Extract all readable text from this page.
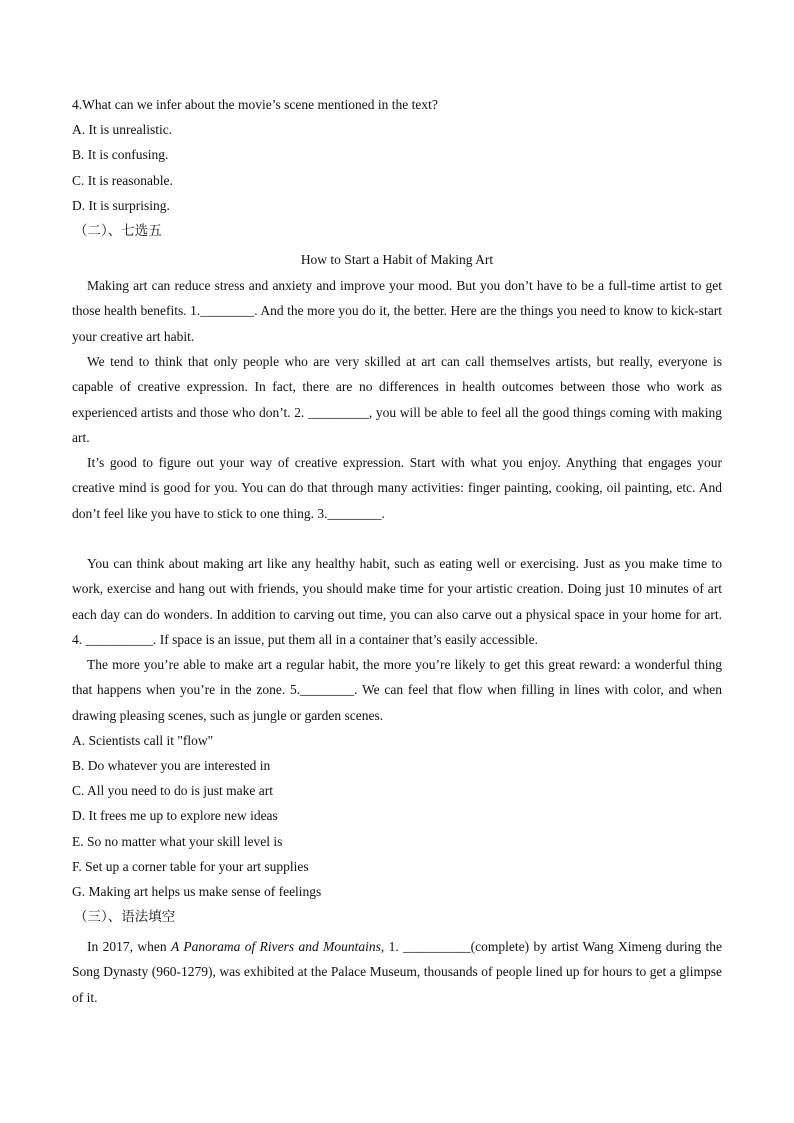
4.What can we infer about the movie’s scene mentioned in the text?
A. It is unrealistic.
B. It is confusing.
C. It is reasonable.
D. It is surprising.
（二）、七选五
How to Start a Habit of Making Art
Making art can reduce stress and anxiety and improve your mood. But you don’t have to be a full-time artist to get those health benefits. 1.________. And the more you do it, the better. Here are the things you need to know to kick-start your creative art habit.
We tend to think that only people who are very skilled at art can call themselves artists, but really, everyone is capable of creative expression. In fact, there are no differences in health outcomes between those who work as experienced artists and those who don’t. 2. _________, you will be able to feel all the good things coming with making art.
It’s good to figure out your way of creative expression. Start with what you enjoy. Anything that engages your creative mind is good for you. You can do that through many activities: finger painting, cooking, oil painting, etc. And don’t feel like you have to stick to one thing. 3.________.
You can think about making art like any healthy habit, such as eating well or exercising. Just as you make time to work, exercise and hang out with friends, you should make time for your artistic creation. Doing just 10 minutes of art each day can do wonders. In addition to carving out time, you can also carve out a physical space in your home for art. 4. __________. If space is an issue, put them all in a container that’s easily accessible.
The more you’re able to make art a regular habit, the more you’re likely to get this great reward: a wonderful thing that happens when you’re in the zone. 5.________. We can feel that flow when filling in lines with color, and when drawing pleasing scenes, such as jungle or garden scenes.
A. Scientists call it "flow"
B. Do whatever you are interested in
C. All you need to do is just make art
D. It frees me up to explore new ideas
E. So no matter what your skill level is
F. Set up a corner table for your art supplies
G. Making art helps us make sense of feelings
（三）、语法填空
In 2017, when A Panorama of Rivers and Mountains, 1. __________(complete) by artist Wang Ximeng during the Song Dynasty (960-1279), was exhibited at the Palace Museum, thousands of people lined up for hours to get a glimpse of it.
